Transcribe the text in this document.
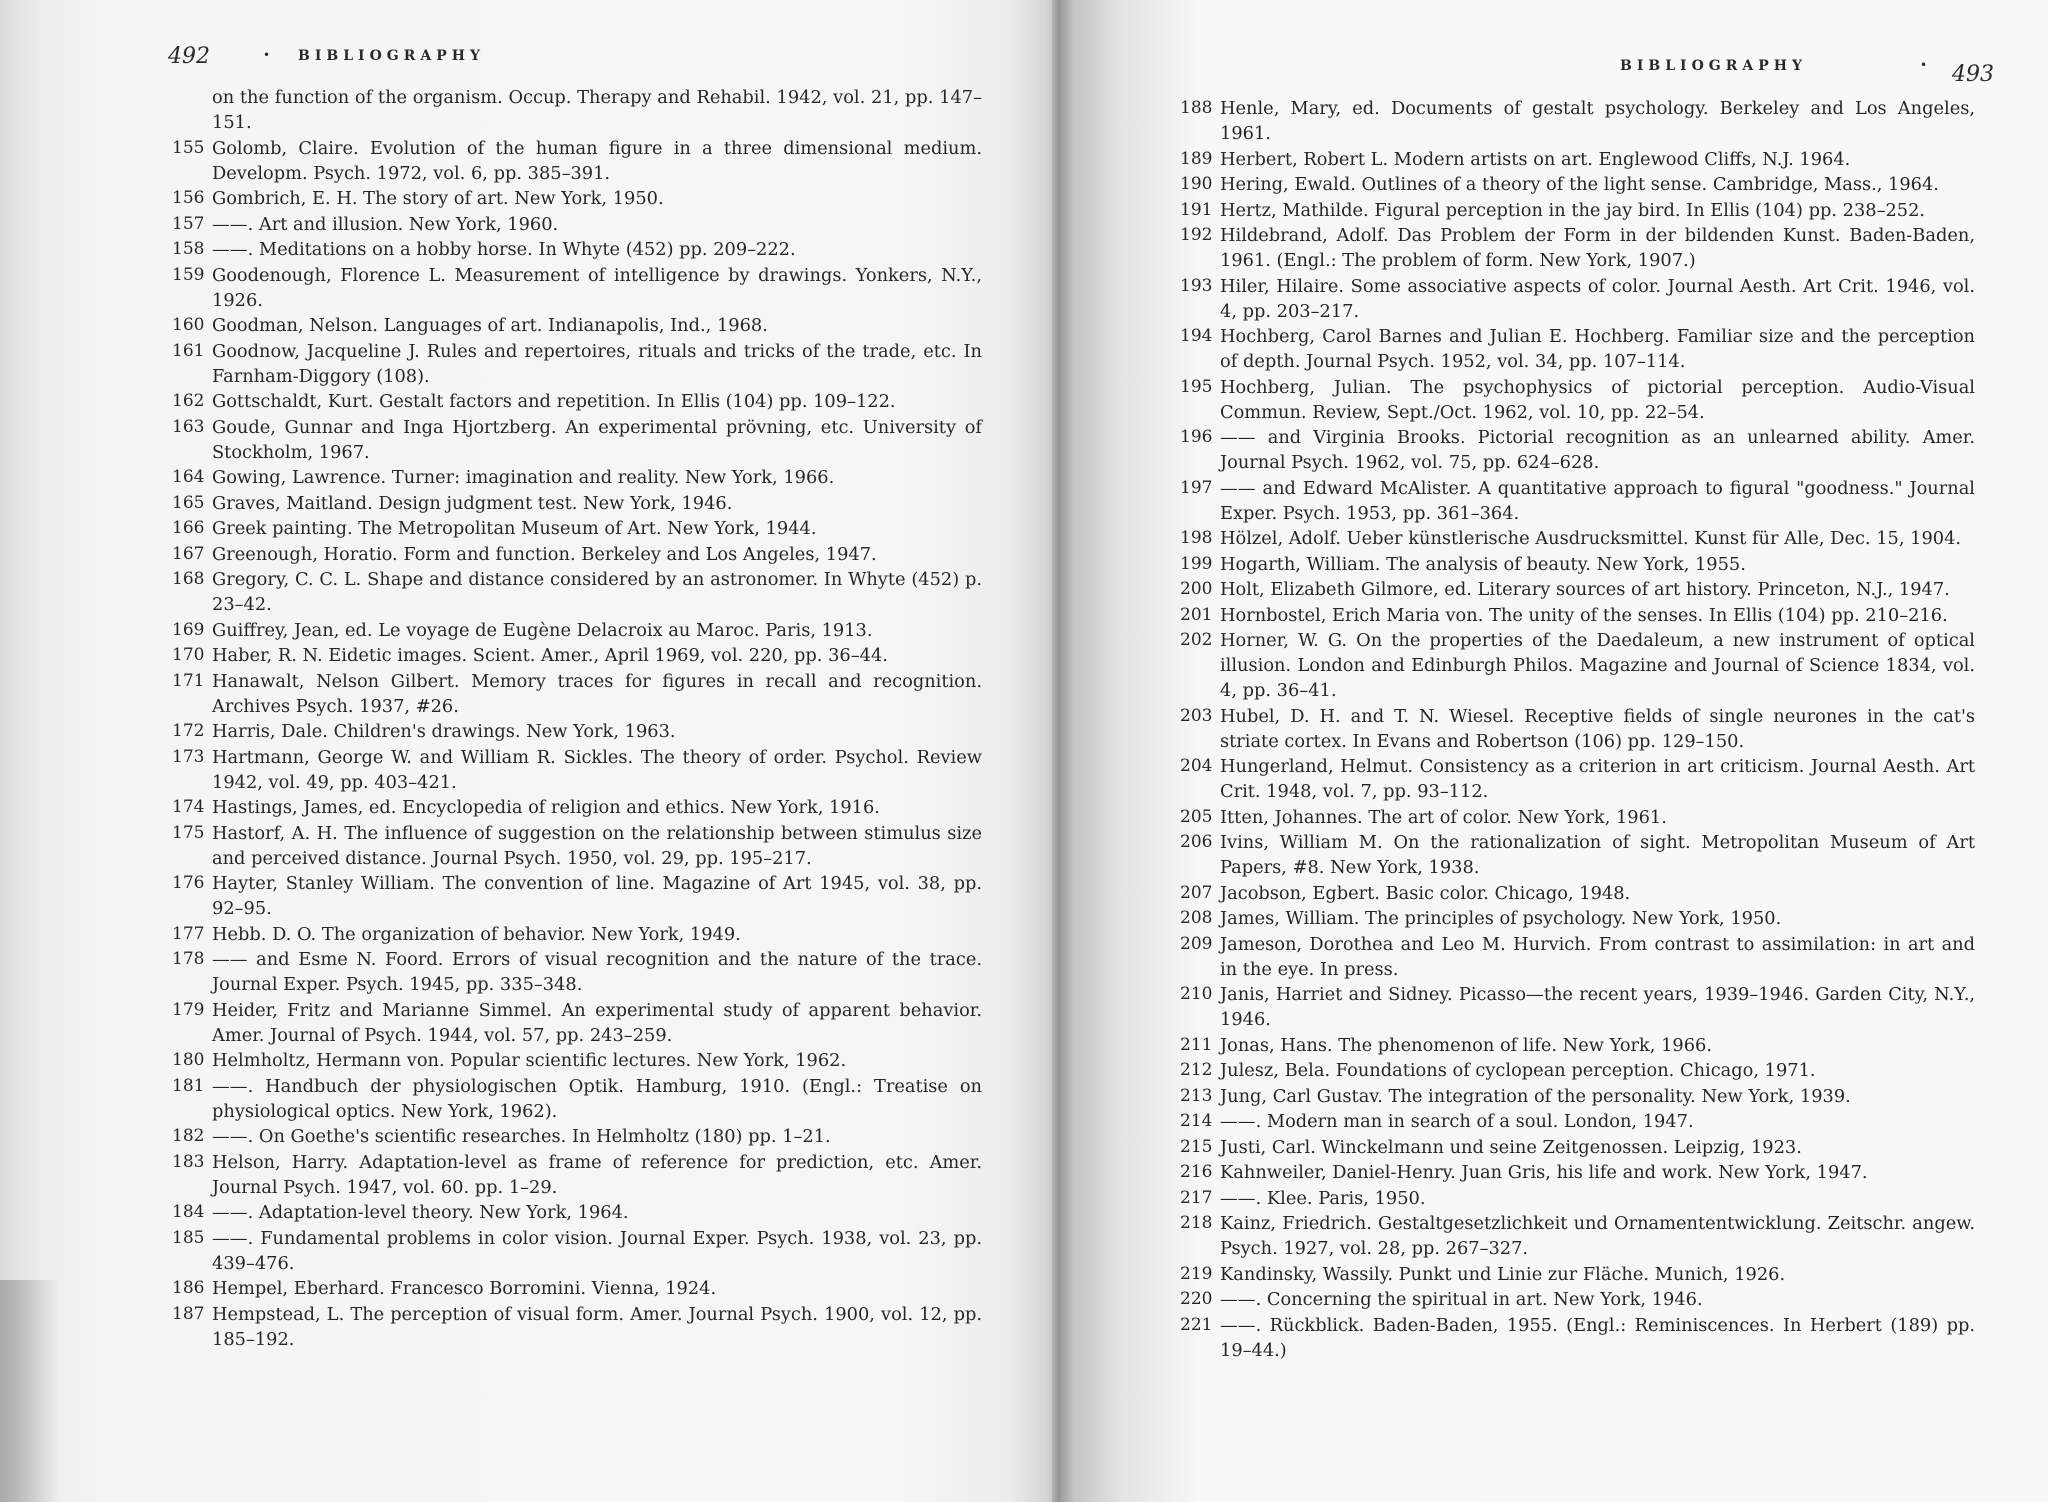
492	• BIBLIOGRAPHY
on the function of the organism. Occup. Therapy and Rehabil. 1942, vol. 21, pp. 147–151.
155 Golomb, Claire. Evolution of the human figure in a three dimensional medium. Developm. Psych. 1972, vol. 6, pp. 385–391.
156 Gombrich, E. H. The story of art. New York, 1950.
157 ——. Art and illusion. New York, 1960.
158 ——. Meditations on a hobby horse. In Whyte (452) pp. 209–222.
159 Goodenough, Florence L. Measurement of intelligence by drawings. Yonkers, N.Y., 1926.
160 Goodman, Nelson. Languages of art. Indianapolis, Ind., 1968.
161 Goodnow, Jacqueline J. Rules and repertoires, rituals and tricks of the trade, etc. In Farnham-Diggory (108).
162 Gottschaldt, Kurt. Gestalt factors and repetition. In Ellis (104) pp. 109–122.
163 Goude, Gunnar and Inga Hjortzberg. An experimental prövning, etc. University of Stockholm, 1967.
164 Gowing, Lawrence. Turner: imagination and reality. New York, 1966.
165 Graves, Maitland. Design judgment test. New York, 1946.
166 Greek painting. The Metropolitan Museum of Art. New York, 1944.
167 Greenough, Horatio. Form and function. Berkeley and Los Angeles, 1947.
168 Gregory, C. C. L. Shape and distance considered by an astronomer. In Whyte (452) p. 23–42.
169 Guiffrey, Jean, ed. Le voyage de Eugène Delacroix au Maroc. Paris, 1913.
170 Haber, R. N. Eidetic images. Scient. Amer., April 1969, vol. 220, pp. 36–44.
171 Hanawalt, Nelson Gilbert. Memory traces for figures in recall and recognition. Archives Psych. 1937, #26.
172 Harris, Dale. Children's drawings. New York, 1963.
173 Hartmann, George W. and William R. Sickles. The theory of order. Psychol. Review 1942, vol. 49, pp. 403–421.
174 Hastings, James, ed. Encyclopedia of religion and ethics. New York, 1916.
175 Hastorf, A. H. The influence of suggestion on the relationship between stimulus size and perceived distance. Journal Psych. 1950, vol. 29, pp. 195–217.
176 Hayter, Stanley William. The convention of line. Magazine of Art 1945, vol. 38, pp. 92–95.
177 Hebb. D. O. The organization of behavior. New York, 1949.
178 —— and Esme N. Foord. Errors of visual recognition and the nature of the trace. Journal Exper. Psych. 1945, pp. 335–348.
179 Heider, Fritz and Marianne Simmel. An experimental study of apparent behavior. Amer. Journal of Psych. 1944, vol. 57, pp. 243–259.
180 Helmholtz, Hermann von. Popular scientific lectures. New York, 1962.
181 ——. Handbuch der physiologischen Optik. Hamburg, 1910. (Engl.: Treatise on physiological optics. New York, 1962).
182 ——. On Goethe's scientific researches. In Helmholtz (180) pp. 1–21.
183 Helson, Harry. Adaptation-level as frame of reference for prediction, etc. Amer. Journal Psych. 1947, vol. 60. pp. 1–29.
184 ——. Adaptation-level theory. New York, 1964.
185 ——. Fundamental problems in color vision. Journal Exper. Psych. 1938, vol. 23, pp. 439–476.
186 Hempel, Eberhard. Francesco Borromini. Vienna, 1924.
187 Hempstead, L. The perception of visual form. Amer. Journal Psych. 1900, vol. 12, pp. 185–192.
BIBLIOGRAPHY	• 493
188 Henle, Mary, ed. Documents of gestalt psychology. Berkeley and Los Angeles, 1961.
189 Herbert, Robert L. Modern artists on art. Englewood Cliffs, N.J. 1964.
190 Hering, Ewald. Outlines of a theory of the light sense. Cambridge, Mass., 1964.
191 Hertz, Mathilde. Figural perception in the jay bird. In Ellis (104) pp. 238–252.
192 Hildebrand, Adolf. Das Problem der Form in der bildenden Kunst. Baden-Baden, 1961. (Engl.: The problem of form. New York, 1907.)
193 Hiler, Hilaire. Some associative aspects of color. Journal Aesth. Art Crit. 1946, vol. 4, pp. 203–217.
194 Hochberg, Carol Barnes and Julian E. Hochberg. Familiar size and the perception of depth. Journal Psych. 1952, vol. 34, pp. 107–114.
195 Hochberg, Julian. The psychophysics of pictorial perception. Audio-Visual Commun. Review, Sept./Oct. 1962, vol. 10, pp. 22–54.
196 —— and Virginia Brooks. Pictorial recognition as an unlearned ability. Amer. Journal Psych. 1962, vol. 75, pp. 624–628.
197 —— and Edward McAlister. A quantitative approach to figural "goodness." Journal Exper. Psych. 1953, pp. 361–364.
198 Hölzel, Adolf. Ueber künstlerische Ausdrucksmittel. Kunst für Alle, Dec. 15, 1904.
199 Hogarth, William. The analysis of beauty. New York, 1955.
200 Holt, Elizabeth Gilmore, ed. Literary sources of art history. Princeton, N.J., 1947.
201 Hornbostel, Erich Maria von. The unity of the senses. In Ellis (104) pp. 210–216.
202 Horner, W. G. On the properties of the Daedaleum, a new instrument of optical illusion. London and Edinburgh Philos. Magazine and Journal of Science 1834, vol. 4, pp. 36–41.
203 Hubel, D. H. and T. N. Wiesel. Receptive fields of single neurones in the cat's striate cortex. In Evans and Robertson (106) pp. 129–150.
204 Hungerland, Helmut. Consistency as a criterion in art criticism. Journal Aesth. Art Crit. 1948, vol. 7, pp. 93–112.
205 Itten, Johannes. The art of color. New York, 1961.
206 Ivins, William M. On the rationalization of sight. Metropolitan Museum of Art Papers, #8. New York, 1938.
207 Jacobson, Egbert. Basic color. Chicago, 1948.
208 James, William. The principles of psychology. New York, 1950.
209 Jameson, Dorothea and Leo M. Hurvich. From contrast to assimilation: in art and in the eye. In press.
210 Janis, Harriet and Sidney. Picasso—the recent years, 1939–1946. Garden City, N.Y., 1946.
211 Jonas, Hans. The phenomenon of life. New York, 1966.
212 Julesz, Bela. Foundations of cyclopean perception. Chicago, 1971.
213 Jung, Carl Gustav. The integration of the personality. New York, 1939.
214 ——. Modern man in search of a soul. London, 1947.
215 Justi, Carl. Winckelmann und seine Zeitgenossen. Leipzig, 1923.
216 Kahnweiler, Daniel-Henry. Juan Gris, his life and work. New York, 1947.
217 ——. Klee. Paris, 1950.
218 Kainz, Friedrich. Gestaltgesetzlichkeit und Ornamententwicklung. Zeitschr. angew. Psych. 1927, vol. 28, pp. 267–327.
219 Kandinsky, Wassily. Punkt und Linie zur Fläche. Munich, 1926.
220 ——. Concerning the spiritual in art. New York, 1946.
221 ——. Rückblick. Baden-Baden, 1955. (Engl.: Reminiscences. In Herbert (189) pp. 19–44.)
